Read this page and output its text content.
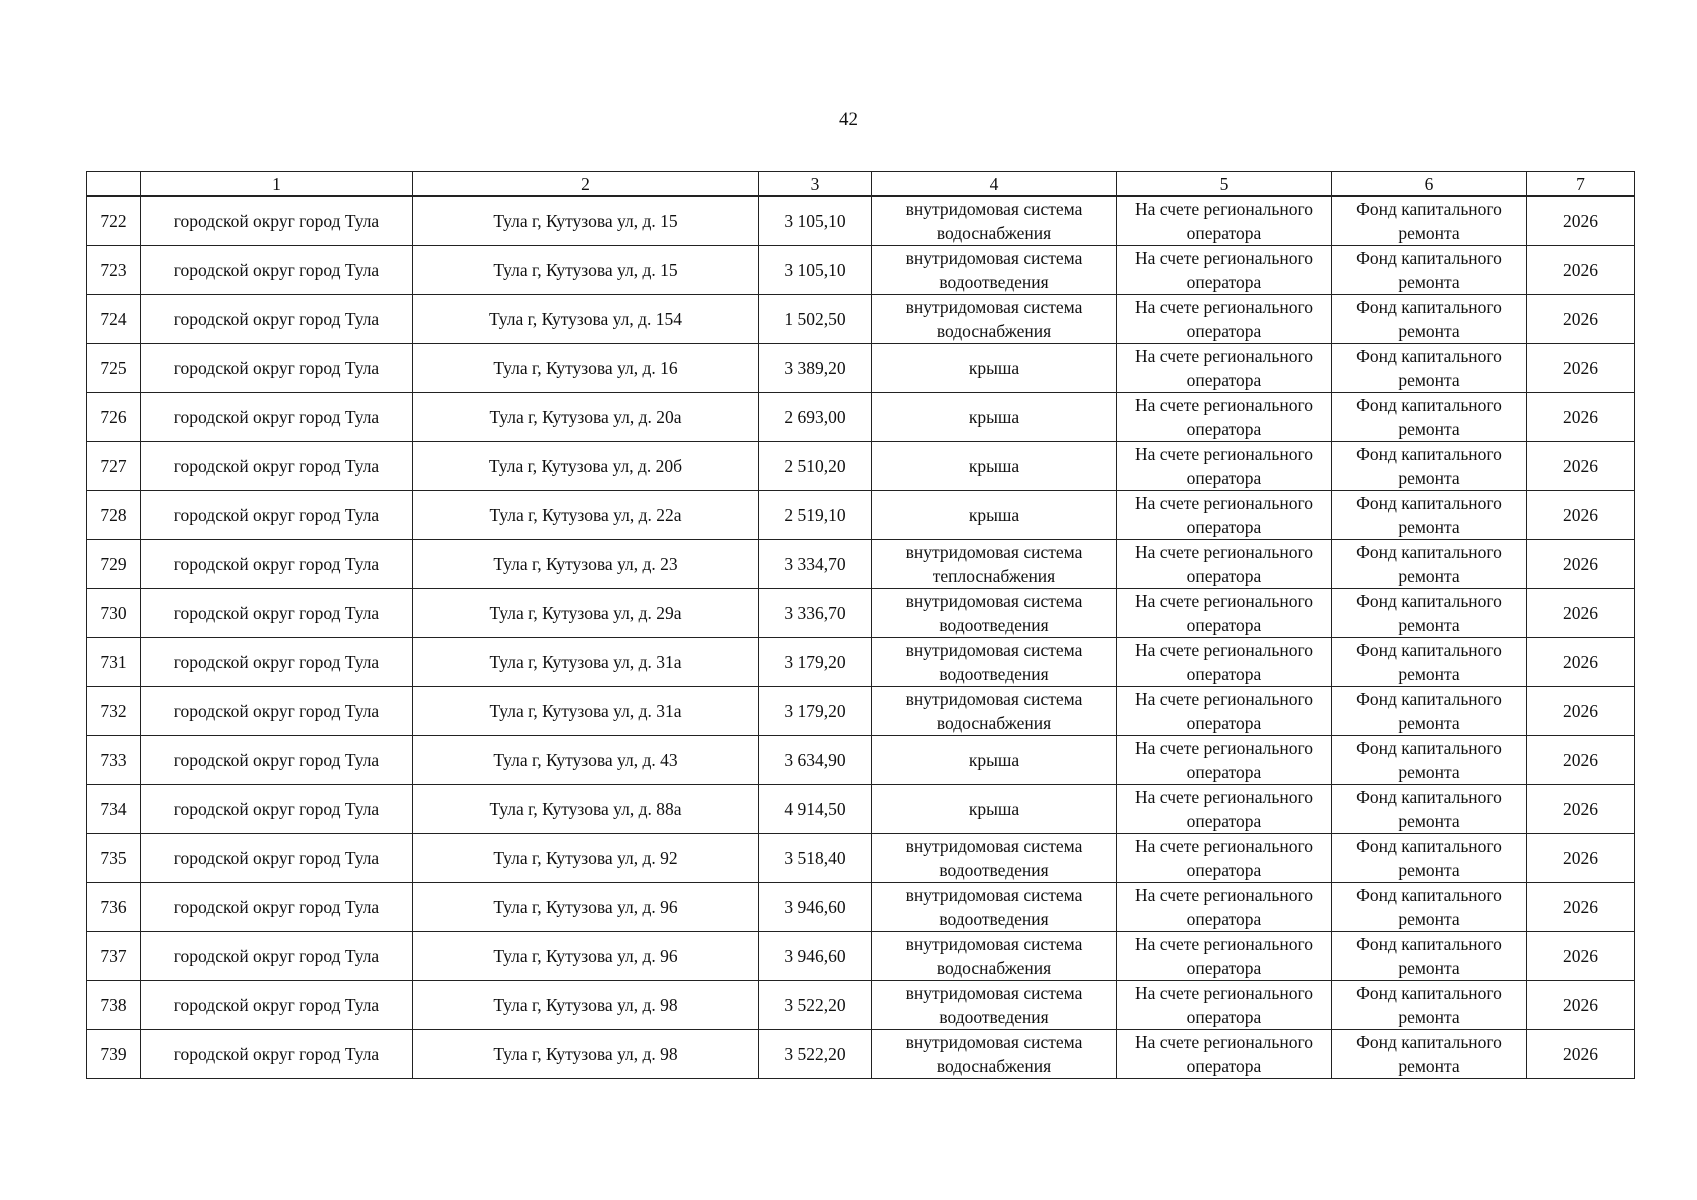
42
	1	2	3	4	5	6	7
722	городской округ город Тула	Тула г, Кутузова ул, д. 15	3 105,10	внутридомовая система водоснабжения	На счете регионального оператора	Фонд капитального ремонта	2026
723	городской округ город Тула	Тула г, Кутузова ул, д. 15	3 105,10	внутридомовая система водоотведения	На счете регионального оператора	Фонд капитального ремонта	2026
724	городской округ город Тула	Тула г, Кутузова ул, д. 154	1 502,50	внутридомовая система водоснабжения	На счете регионального оператора	Фонд капитального ремонта	2026
725	городской округ город Тула	Тула г, Кутузова ул, д. 16	3 389,20	крыша	На счете регионального оператора	Фонд капитального ремонта	2026
726	городской округ город Тула	Тула г, Кутузова ул, д. 20а	2 693,00	крыша	На счете регионального оператора	Фонд капитального ремонта	2026
727	городской округ город Тула	Тула г, Кутузова ул, д. 20б	2 510,20	крыша	На счете регионального оператора	Фонд капитального ремонта	2026
728	городской округ город Тула	Тула г, Кутузова ул, д. 22а	2 519,10	крыша	На счете регионального оператора	Фонд капитального ремонта	2026
729	городской округ город Тула	Тула г, Кутузова ул, д. 23	3 334,70	внутридомовая система теплоснабжения	На счете регионального оператора	Фонд капитального ремонта	2026
730	городской округ город Тула	Тула г, Кутузова ул, д. 29а	3 336,70	внутридомовая система водоотведения	На счете регионального оператора	Фонд капитального ремонта	2026
731	городской округ город Тула	Тула г, Кутузова ул, д. 31а	3 179,20	внутридомовая система водоотведения	На счете регионального оператора	Фонд капитального ремонта	2026
732	городской округ город Тула	Тула г, Кутузова ул, д. 31а	3 179,20	внутридомовая система водоснабжения	На счете регионального оператора	Фонд капитального ремонта	2026
733	городской округ город Тула	Тула г, Кутузова ул, д. 43	3 634,90	крыша	На счете регионального оператора	Фонд капитального ремонта	2026
734	городской округ город Тула	Тула г, Кутузова ул, д. 88а	4 914,50	крыша	На счете регионального оператора	Фонд капитального ремонта	2026
735	городской округ город Тула	Тула г, Кутузова ул, д. 92	3 518,40	внутридомовая система водоотведения	На счете регионального оператора	Фонд капитального ремонта	2026
736	городской округ город Тула	Тула г, Кутузова ул, д. 96	3 946,60	внутридомовая система водоотведения	На счете регионального оператора	Фонд капитального ремонта	2026
737	городской округ город Тула	Тула г, Кутузова ул, д. 96	3 946,60	внутридомовая система водоснабжения	На счете регионального оператора	Фонд капитального ремонта	2026
738	городской округ город Тула	Тула г, Кутузова ул, д. 98	3 522,20	внутридомовая система водоотведения	На счете регионального оператора	Фонд капитального ремонта	2026
739	городской округ город Тула	Тула г, Кутузова ул, д. 98	3 522,20	внутридомовая система водоснабжения	На счете регионального оператора	Фонд капитального ремонта	2026
